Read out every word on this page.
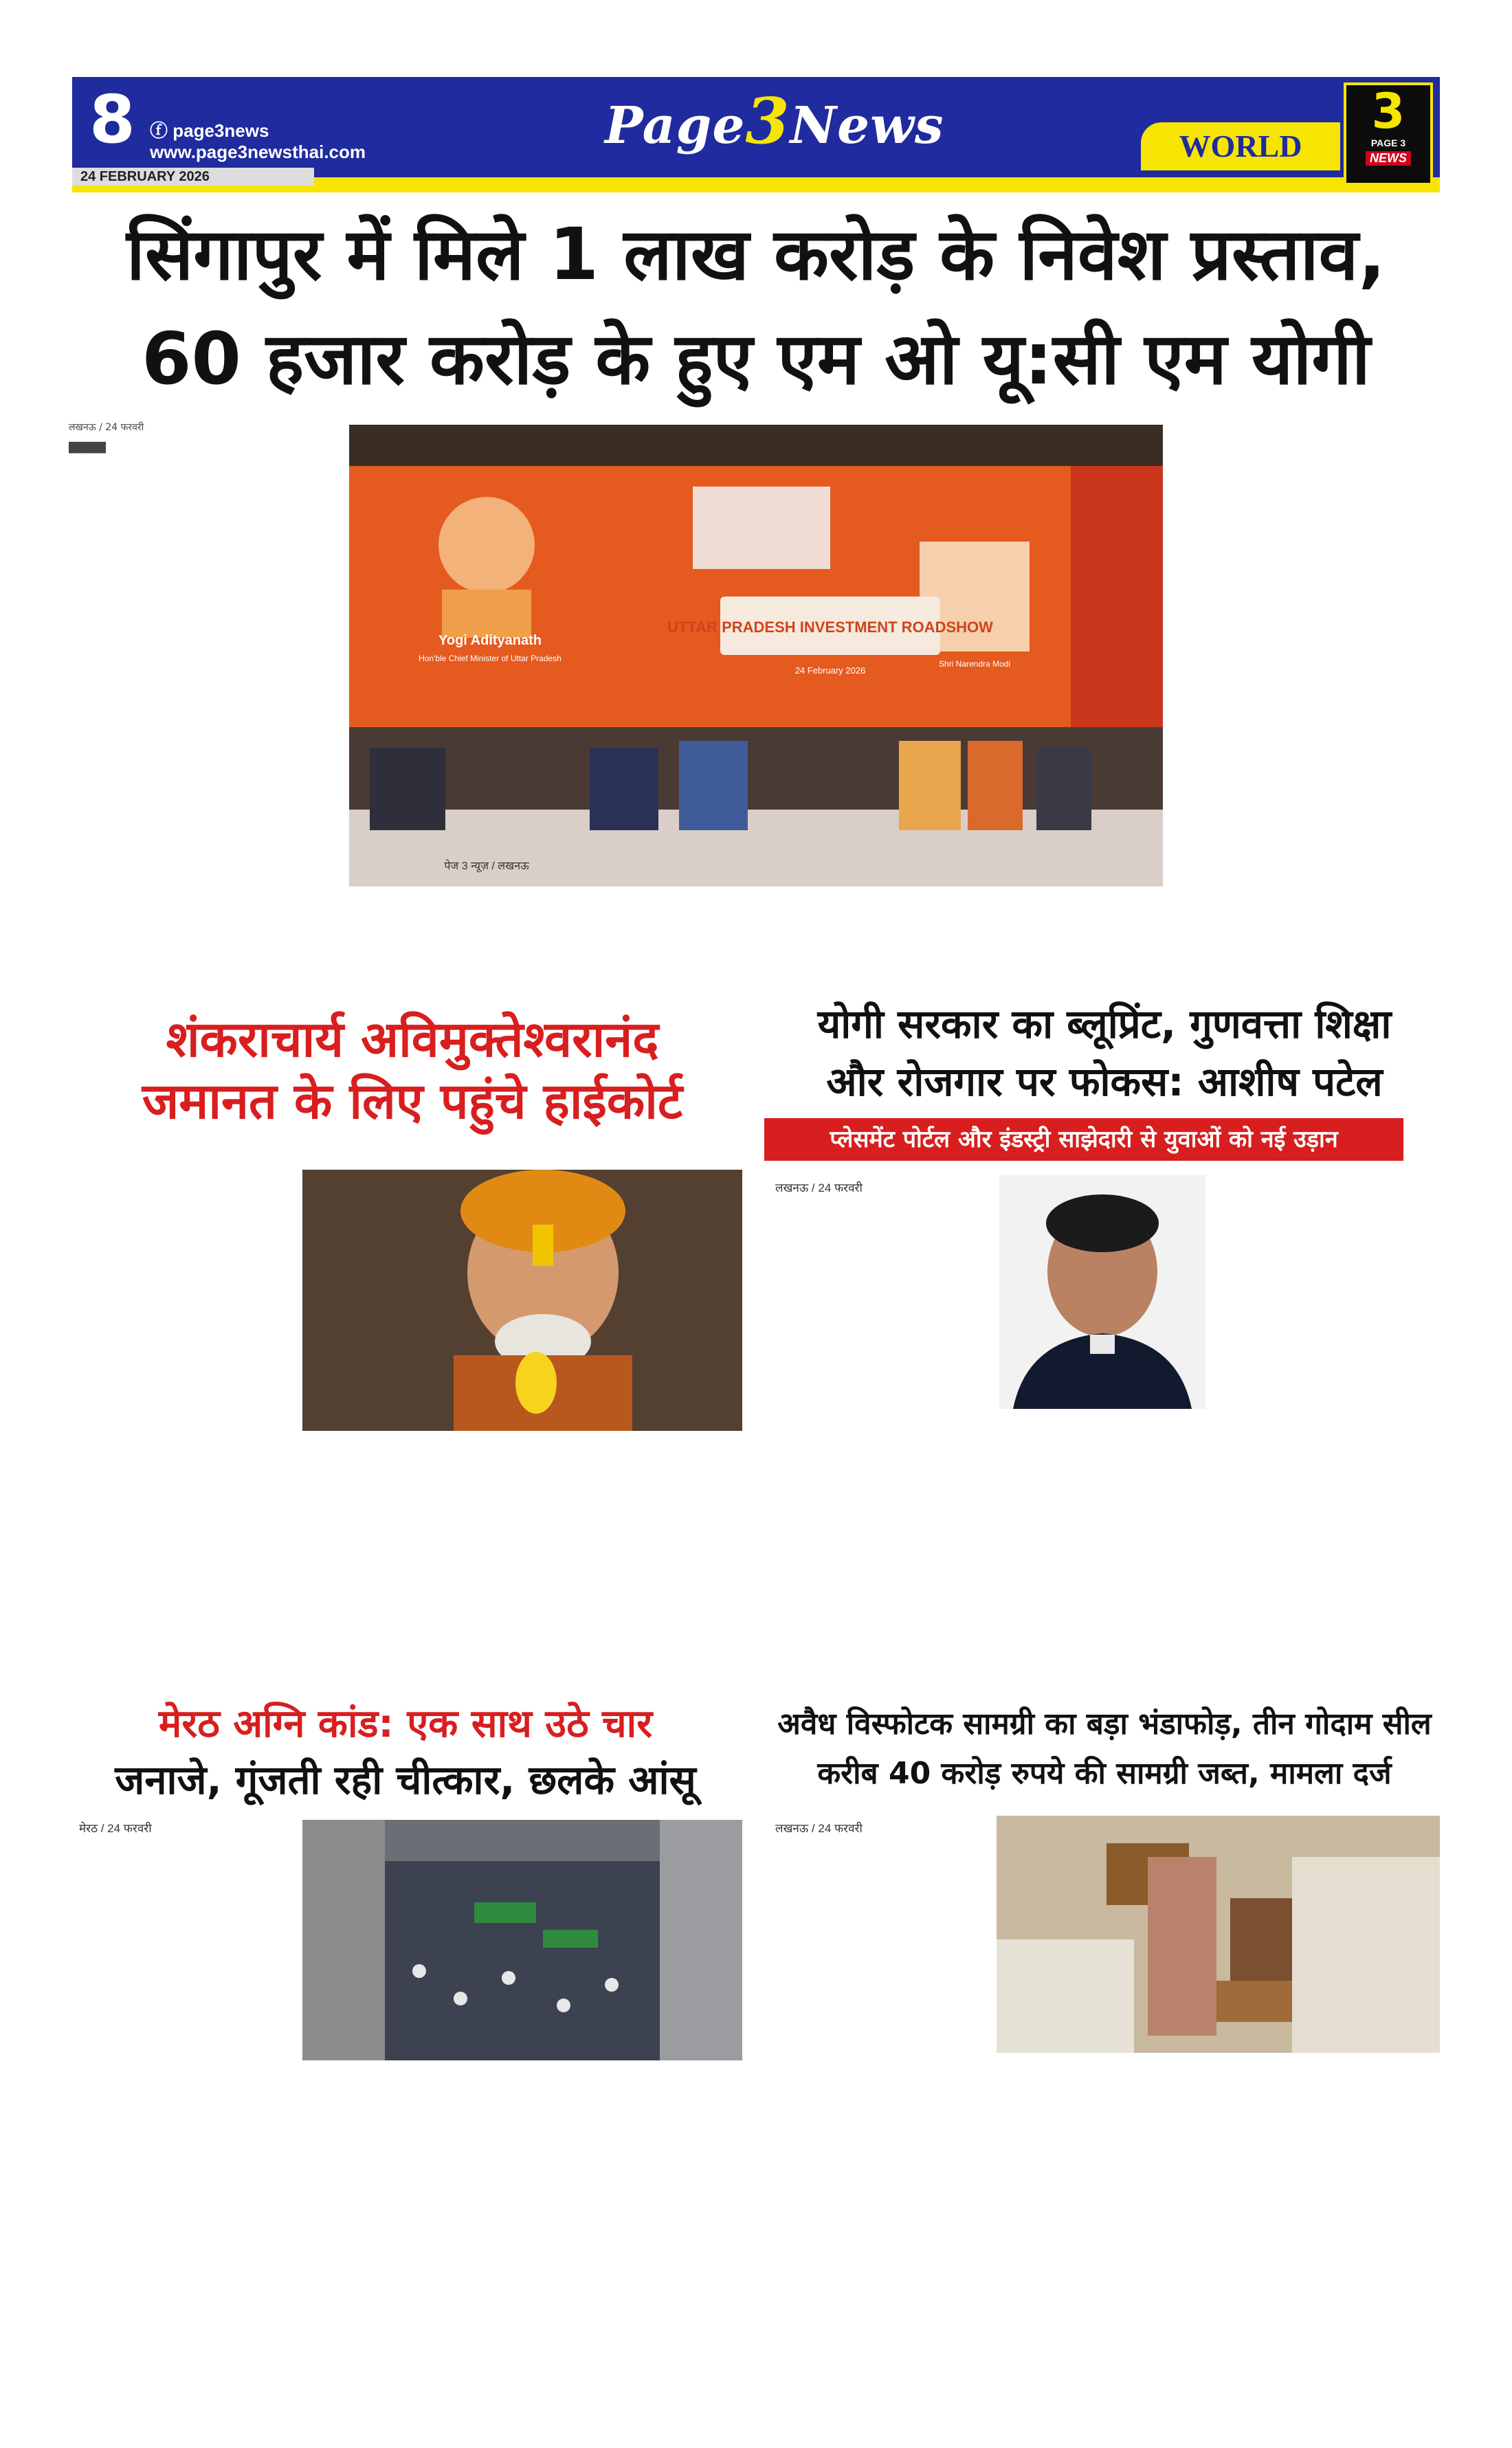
8 ⓕ page3news
www.page3newsthai.com
24 FEBRUARY 2026
Page3News	WORLD
3
PAGE 3
NEWS
सिंगापुर में मिले 1 लाख करोड़ के निवेश प्रस्ताव,
60 हजार करोड़ के हुए एम ओ यू:सी एम योगी

लखनऊ / 24 फरवरी

█████

Yogi Adityanath
Hon'ble Chief Minister of Uttar Pradesh
UTTAR PRADESH INVESTMENT ROADSHOW
Shri Narendra Modi
24 February 2026
पेज 3 न्यूज़ / लखनऊ
शंकराचार्य अविमुक्तेश्वरानंद
जमानत के लिए पहुंचे हाईकोर्ट
योगी सरकार का ब्लूप्रिंट, गुणवत्ता शिक्षा
और रोजगार पर फोकस: आशीष पटेल
प्लेसमेंट पोर्टल और इंडस्ट्री साझेदारी से युवाओं को नई उड़ान
लखनऊ / 24 फरवरी
मेरठ अग्नि कांड: एक साथ उठे चार
जनाजे, गूंजती रही चीत्कार, छलके आंसू
मेरठ / 24 फरवरी
अवैध विस्फोटक सामग्री का बड़ा भंडाफोड़, तीन गोदाम सील
करीब 40 करोड़ रुपये की सामग्री जब्त, मामला दर्ज
लखनऊ / 24 फरवरी
